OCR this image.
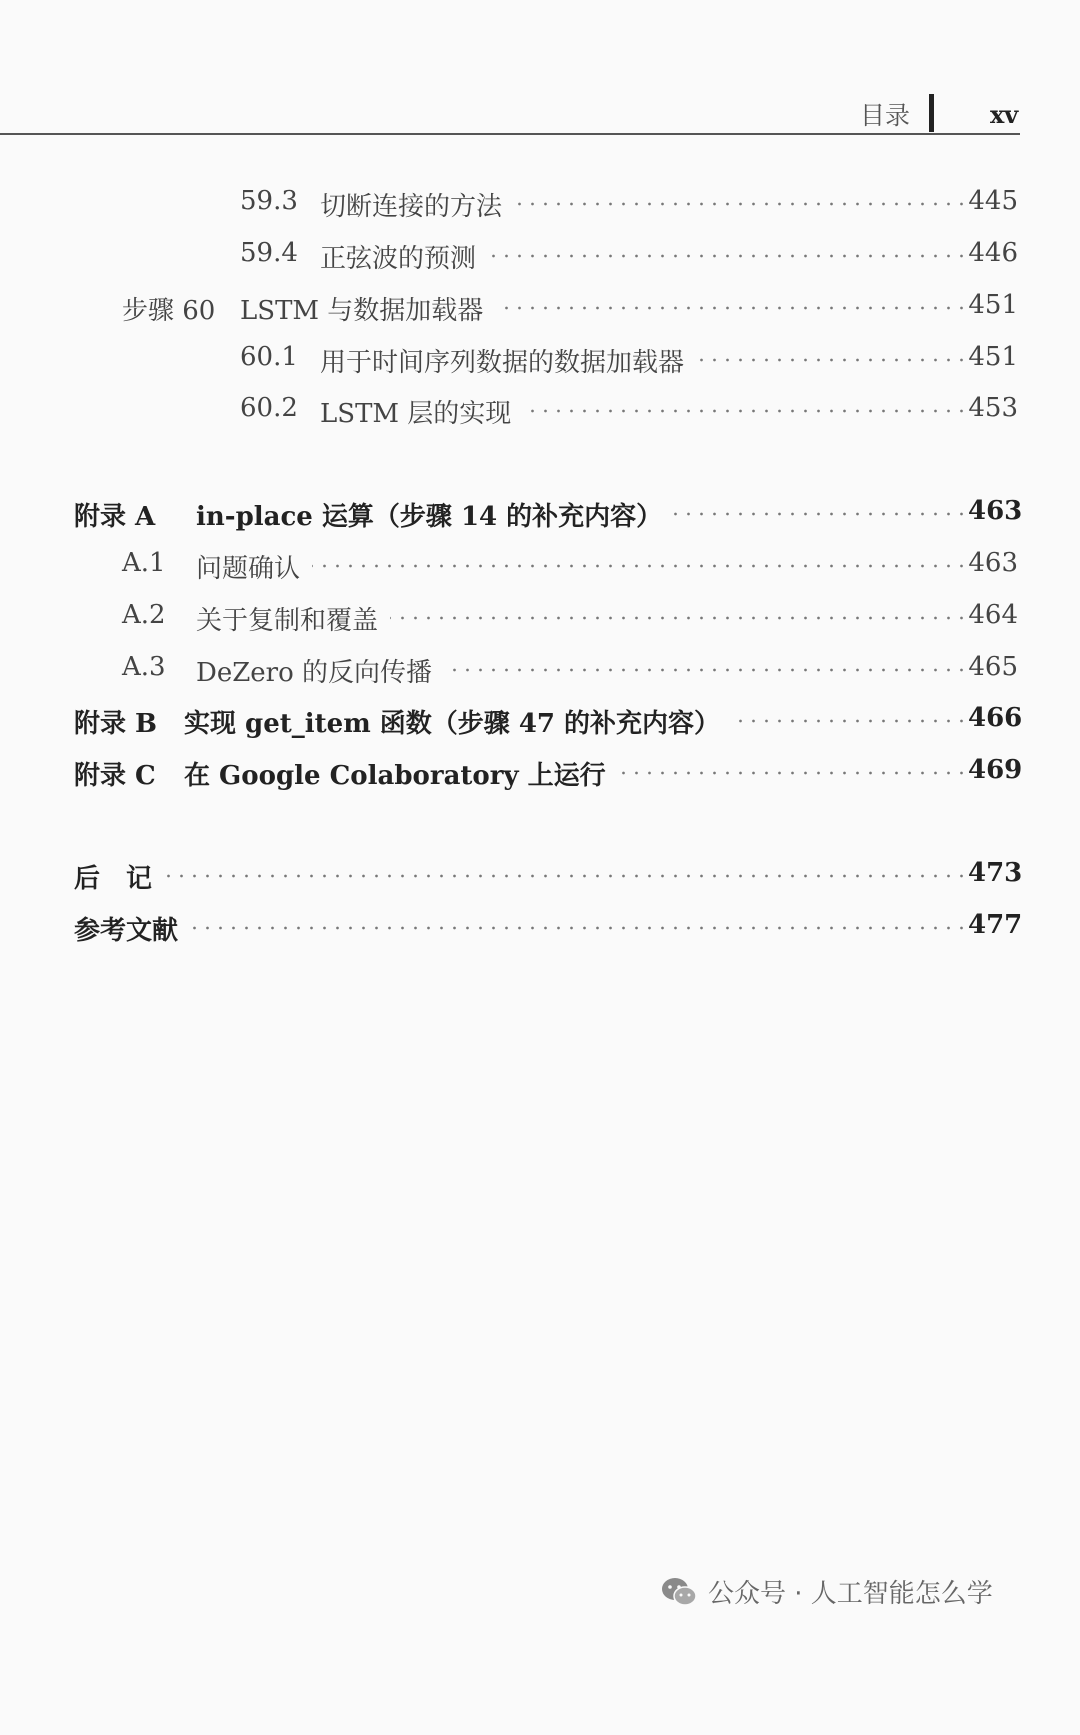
目录	xv
59.3 切断连接的方法	445
59.4 正弦波的预测	446
步骤 60 LSTM 与数据加载器	451
60.1 用于时间序列数据的数据加载器	451
60.2 LSTM 层的实现	453
附录 A in-place 运算（步骤 14 的补充内容）	463
A.1 问题确认	463
A.2 关于复制和覆盖	464
A.3 DeZero 的反向传播	465
附录 B 实现 get_item 函数（步骤 47 的补充内容）	466
附录 C 在 Google Colaboratory 上运行	469
后　记	473
参考文献	477
公众号 · 人工智能怎么学
